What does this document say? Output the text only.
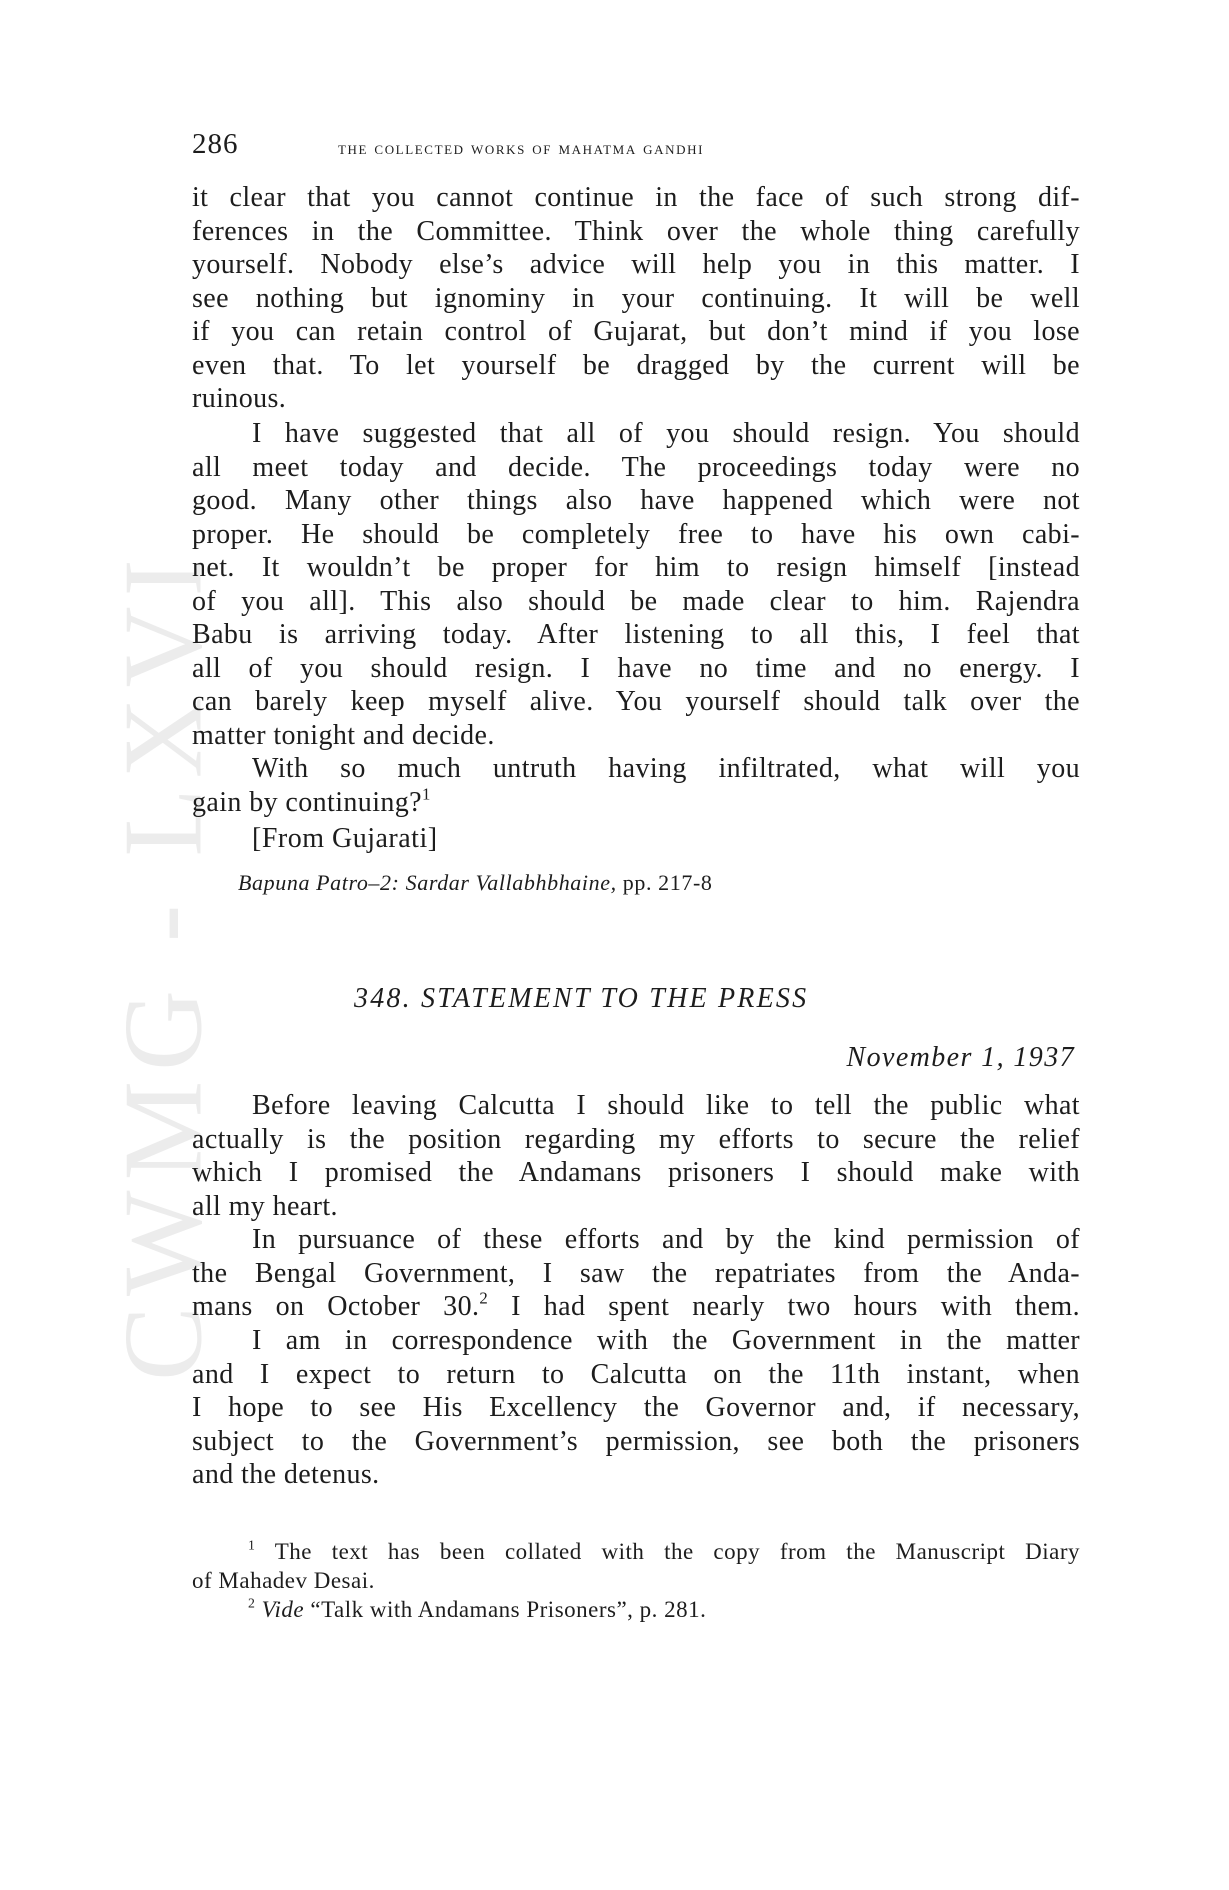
CWMG - LXVI
286	the collected works of mahatma gandhi
it clear that you cannot continue in the face of such strong dif-
ferences in the Committee. Think over the whole thing carefully
yourself. Nobody else’s advice will help you in this matter. I
see nothing but ignominy in your continuing. It will be well
if you can retain control of Gujarat, but don’t mind if you lose
even that. To let yourself be dragged by the current will be
ruinous.
I have suggested that all of you should resign. You should
all meet today and decide. The proceedings today were no
good. Many other things also have happened which were not
proper. He should be completely free to have his own cabi-
net. It wouldn’t be proper for him to resign himself [instead
of you all]. This also should be made clear to him. Rajendra
Babu is arriving today. After listening to all this, I feel that
all of you should resign. I have no time and no energy. I
can barely keep myself alive. You yourself should talk over the
matter tonight and decide.
With so much untruth having infiltrated, what will you
gain by continuing?$^1$
[From Gujarati]
Bapuna Patro–2: Sardar Vallabhbhaine, pp. 217-8
348. STATEMENT TO THE PRESS
November 1, 1937
Before leaving Calcutta I should like to tell the public what
actually is the position regarding my efforts to secure the relief
which I promised the Andamans prisoners I should make with
all my heart.
In pursuance of these efforts and by the kind permission of
the Bengal Government, I saw the repatriates from the Anda-
mans on October 30.$^2$ I had spent nearly two hours with them.
I am in correspondence with the Government in the matter
and I expect to return to Calcutta on the 11th instant, when
I hope to see His Excellency the Governor and, if necessary,
subject to the Government’s permission, see both the prisoners
and the detenus.
$^1$ The text has been collated with the copy from the Manuscript Diary
of Mahadev Desai.
$^2$ Vide “Talk with Andamans Prisoners”, p. 281.
